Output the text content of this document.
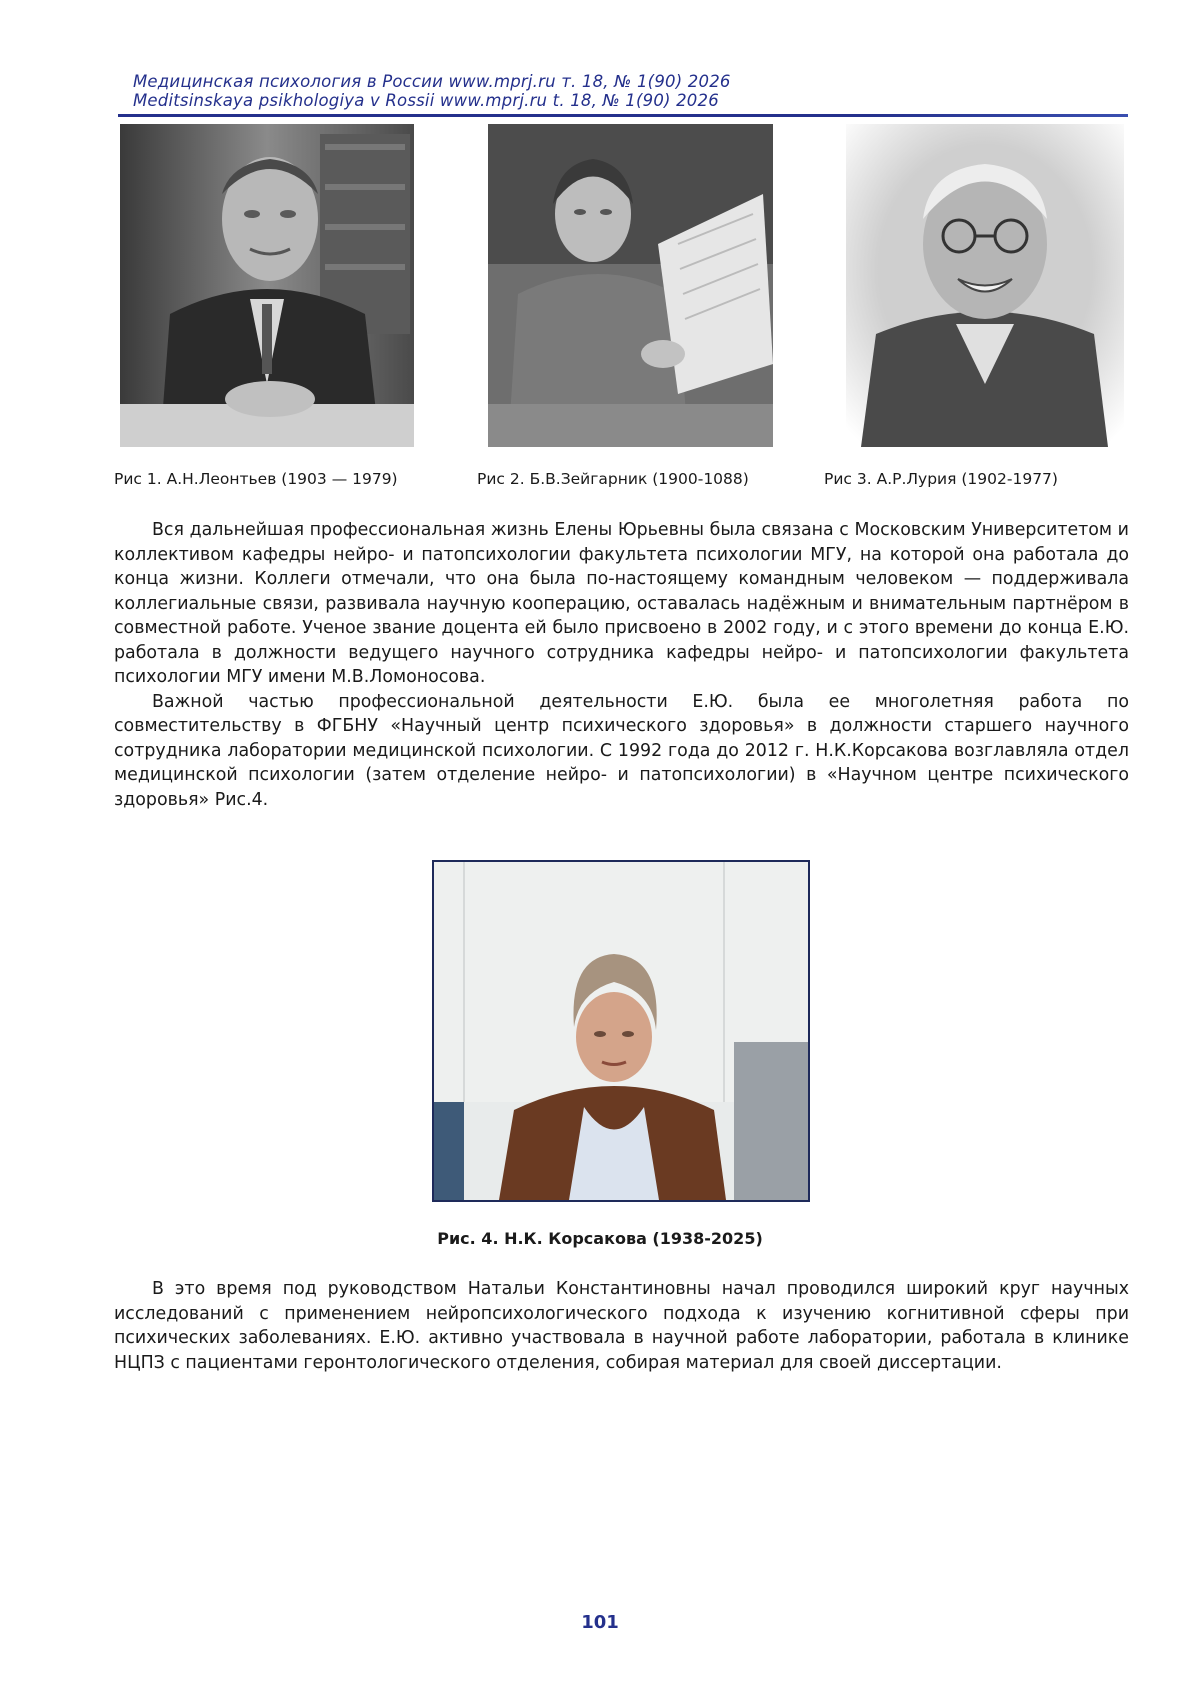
Медицинская психология в России www.mprj.ru т. 18, № 1(90) 2026
Meditsinskaya psikhologiya v Rossii www.mprj.ru t. 18, № 1(90) 2026
Рис 1. А.Н.Леонтьев (1903 — 1979)	Рис 2. Б.В.Зейгарник (1900-1088)	Рис 3. А.Р.Лурия (1902-1977)

Вся дальнейшая профессиональная жизнь Елены Юрьевны была связана с Московским Университетом и коллективом кафедры нейро- и патопсихологии факультета психологии МГУ, на которой она работала до конца жизни. Коллеги отмечали, что она была по-настоящему командным человеком — поддерживала коллегиальные связи, развивала научную кооперацию, оставалась надёжным и внимательным партнёром в совместной работе. Ученое звание доцента ей было присвоено в 2002 году, и с этого времени до конца Е.Ю. работала в должности ведущего научного сотрудника кафедры нейро- и патопсихологии факультета психологии МГУ имени М.В.Ломоносова.

Важной частью профессиональной деятельности Е.Ю. была ее многолетняя работа по совместительству в ФГБНУ «Научный центр психического здоровья» в должности старшего научного сотрудника лаборатории медицинской психологии. С 1992 года до 2012 г. Н.К.Корсакова возглавляла отдел медицинской психологии (затем отделение нейро- и патопсихологии) в «Научном центре психического здоровья» Рис.4.

Рис. 4. Н.К. Корсакова (1938-2025)

В это время под руководством Натальи Константиновны начал проводился широкий круг научных исследований с применением нейропсихологического подхода к изучению когнитивной сферы при психических заболеваниях. Е.Ю. активно участвовала в научной работе лаборатории, работала в клинике НЦПЗ с пациентами геронтологического отделения, собирая материал для своей диссертации.

101
